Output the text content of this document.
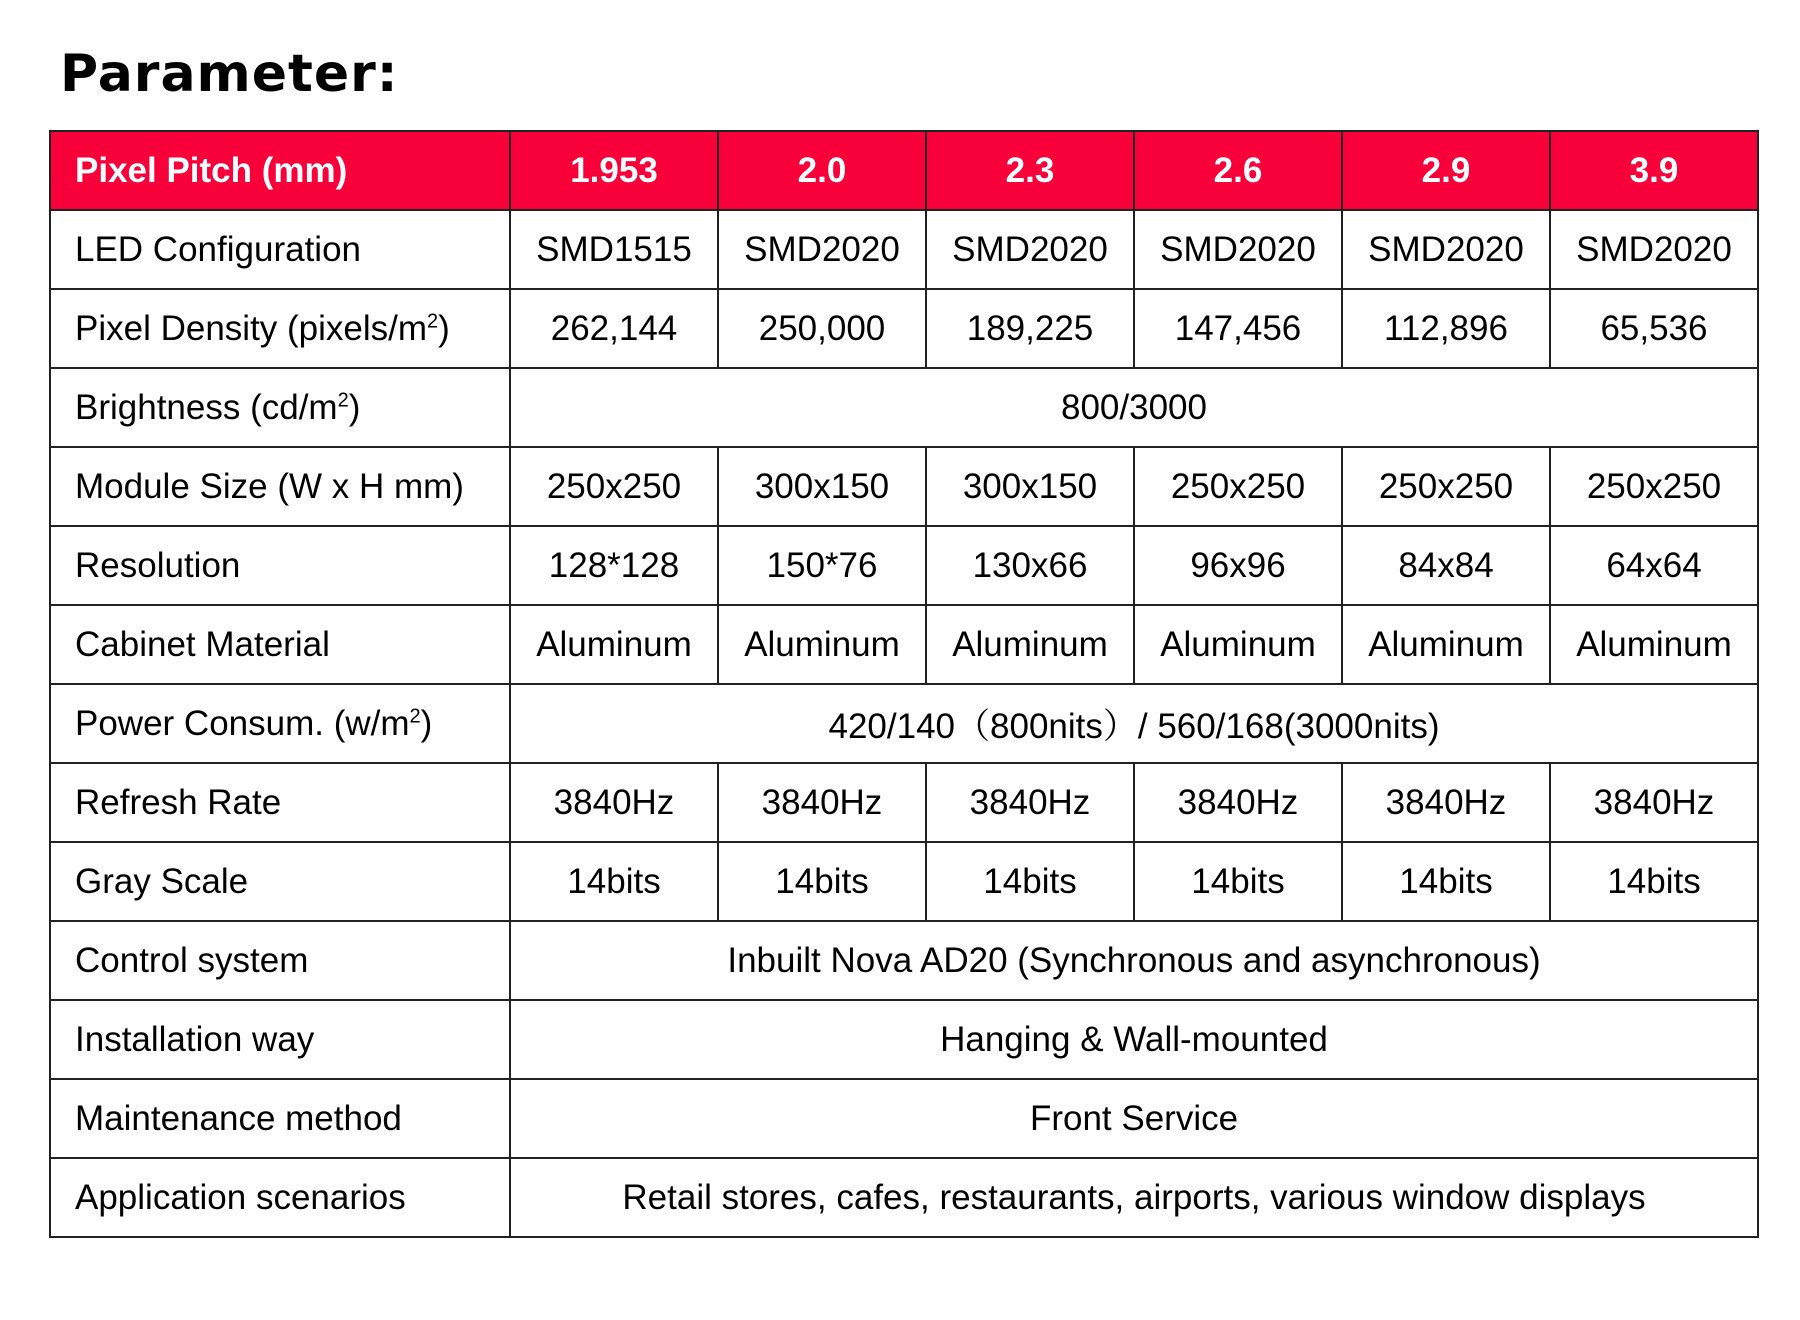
Parameter:
Pixel Pitch (mm)	1.953	2.0	2.3	2.6	2.9	3.9
LED Configuration	SMD1515	SMD2020	SMD2020	SMD2020	SMD2020	SMD2020
Pixel Density $(pixels/m^2)$	262,144	250,000	189,225	147,456	112,896	65,536
Brightness $(cd/m^2)$	800/3000					
Module Size (W x H mm)	250x250	300x150	300x150	250x250	250x250	250x250
Resolution	128*128	150*76	130x66	96x96	84x84	64x64
Cabinet Material	Aluminum	Aluminum	Aluminum	Aluminum	Aluminum	Aluminum
Power Consum. $(w/m^2)$	420/140（800nits）/ 560/168(3000nits)					
Refresh Rate	3840Hz	3840Hz	3840Hz	3840Hz	3840Hz	3840Hz
Gray Scale	14bits	14bits	14bits	14bits	14bits	14bits
Control system	Inbuilt Nova AD20 (Synchronous and asynchronous)					
Installation way	Hanging & Wall-mounted					
Maintenance method	Front Service					
Application scenarios	Retail stores, cafes, restaurants, airports, various window displays					
